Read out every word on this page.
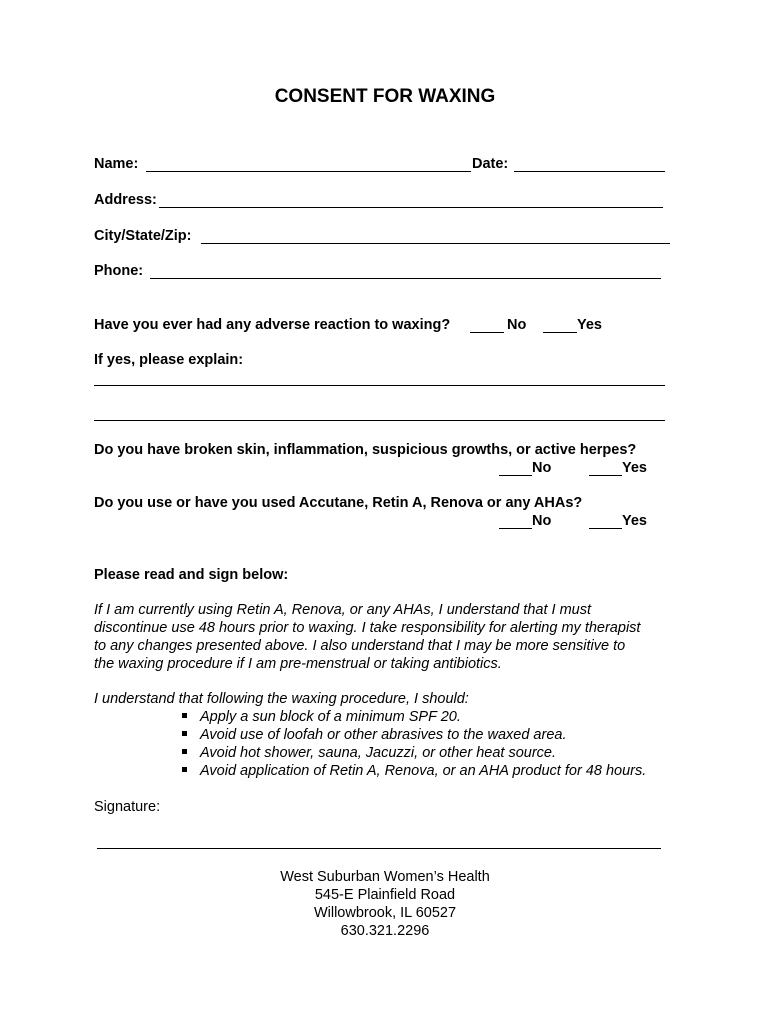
CONSENT FOR WAXING
Name:	Date:
Address:
City/State/Zip:
Phone:
Have you ever had any adverse reaction to waxing?	No	Yes
If yes, please explain:
Do you have broken skin, inflammation, suspicious growths, or active herpes?
No	Yes
Do you use or have you used Accutane, Retin A, Renova or any AHAs?
No	Yes
Please read and sign below:
If I am currently using Retin A, Renova, or any AHAs, I understand that I must
discontinue use 48 hours prior to waxing. I take responsibility for alerting my therapist
to any changes presented above. I also understand that I may be more sensitive to
the waxing procedure if I am pre-menstrual or taking antibiotics.
I understand that following the waxing procedure, I should:
Apply a sun block of a minimum SPF 20.
Avoid use of loofah or other abrasives to the waxed area.
Avoid hot shower, sauna, Jacuzzi, or other heat source.
Avoid application of Retin A, Renova, or an AHA product for 48 hours.
Signature:
West Suburban Women’s Health
545-E Plainfield Road
Willowbrook, IL 60527
630.321.2296
